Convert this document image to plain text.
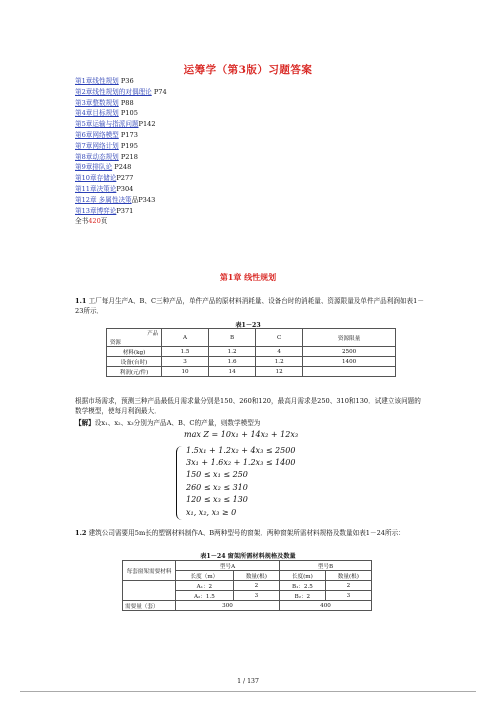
运筹学（第3版）习题答案
第1章线性规划 P36
第2章线性规划的对偶理论 P74
第3章整数规划 P88
第4章目标规划 P105
第5章运输与指派问题P142
第6章网络模型 P173
第7章网络计划 P195
第8章动态规划 P218
第9章排队论 P248
第10章存储论P277
第11章决策论P304
第12章 多属性决策品P343
第13章博弈论P371
全书420页
第1章 线性规划
1.1 工厂每月生产A、B、C三种产品，单件产品的原材料消耗量、设备台时的消耗量、资源限量及单件产品利润如表1－23所示．
表1－23
产品
资源	A	B	C	资源限量
材料(kg)	1.5	1.2	4	2500
设备(台时)	3	1.6	1.2	1400
利润(元/件)	10	14	12	
根据市场需求，预测三种产品最低月需求量分别是150、260和120，最高月需求是250、310和130．试建立该问题的数学模型，使每月利润最大．
【解】设x₁、x₂、x₃分别为产品A、B、C的产量，则数学模型为
max Z = 10x₁ + 14x₂ + 12x₃
1.5x₁ + 1.2x₂ + 4x₃ ≤ 2500
3x₁ + 1.6x₂ + 1.2x₃ ≤ 1400
150 ≤ x₁ ≤ 250
260 ≤ x₂ ≤ 310
120 ≤ x₃ ≤ 130
x₁, x₂, x₃ ≥ 0
1.2 建筑公司需要用5m长的塑钢材料制作A、B两种型号的窗架．两种窗架所需材料规格及数量如表1－24所示：
表1－24 窗架所需材料规格及数量
每套窗架需要材料	型号A		型号B	
	长度（m）	数量(根)	长度(m)	数量(根)
	A₁：2	2	B₁：2.5	2
	A₂：1.5	3	B₂：2	3
需要量（套）	300		400	
1 / 137
